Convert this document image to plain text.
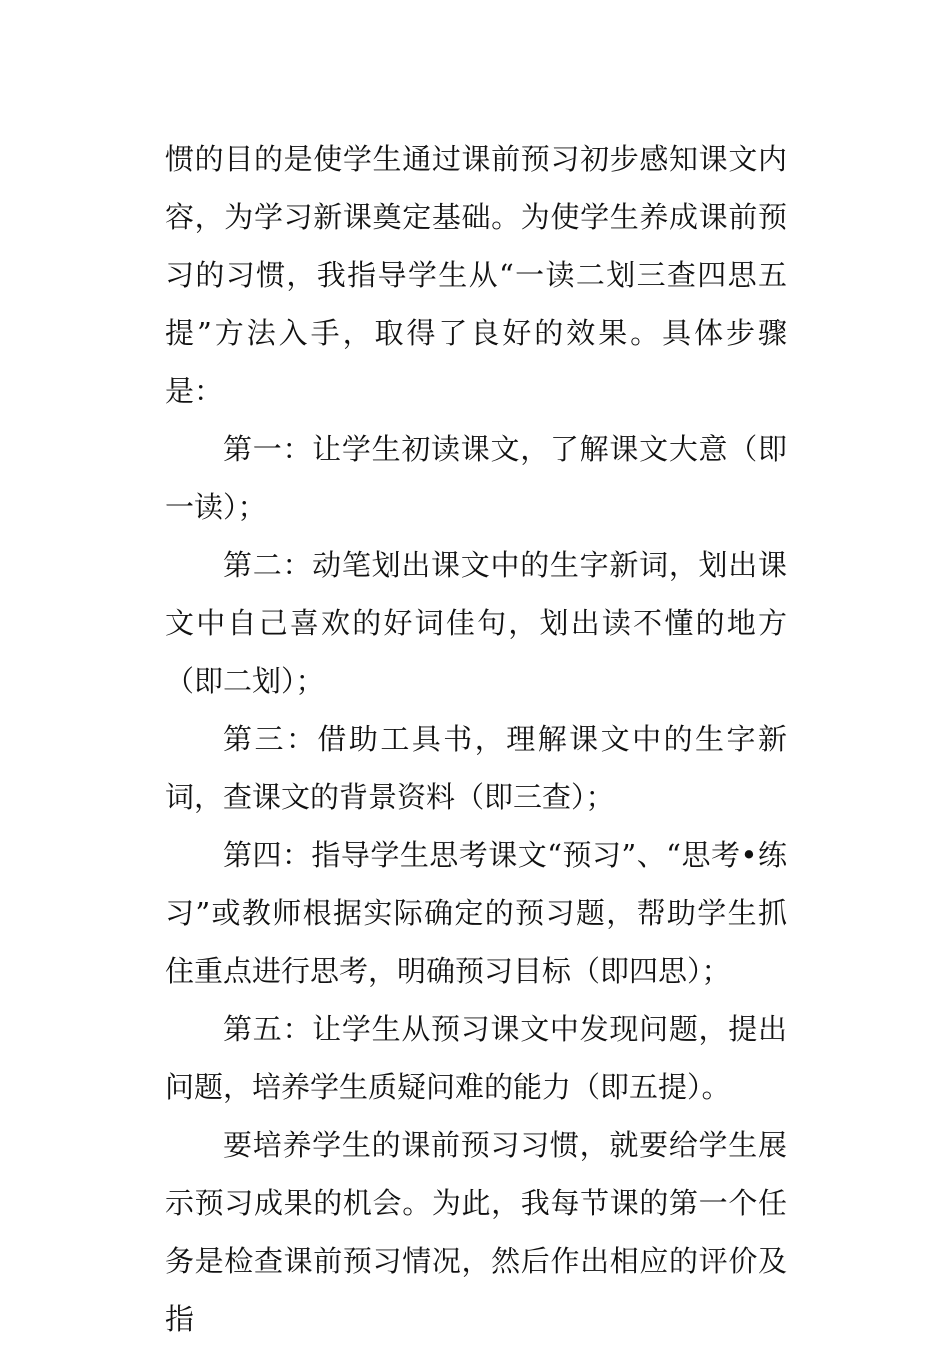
惯的目的是使学生通过课前预习初步感知课文内容，为学习新课奠定基础。为使学生养成课前预习的习惯，我指导学生从“一读二划三查四思五提”方法入手，取得了良好的效果。具体步骤是：

第一：让学生初读课文，了解课文大意（即一读）；

第二：动笔划出课文中的生字新词，划出课文中自己喜欢的好词佳句，划出读不懂的地方（即二划）；

第三：借助工具书，理解课文中的生字新词，查课文的背景资料（即三查）；

第四：指导学生思考课文“预习”、“思考•练习”或教师根据实际确定的预习题，帮助学生抓住重点进行思考，明确预习目标（即四思）；

第五：让学生从预习课文中发现问题，提出问题，培养学生质疑问难的能力（即五提）。

要培养学生的课前预习习惯，就要给学生展示预习成果的机会。为此，我每节课的第一个任务是检查课前预习情况，然后作出相应的评价及指
